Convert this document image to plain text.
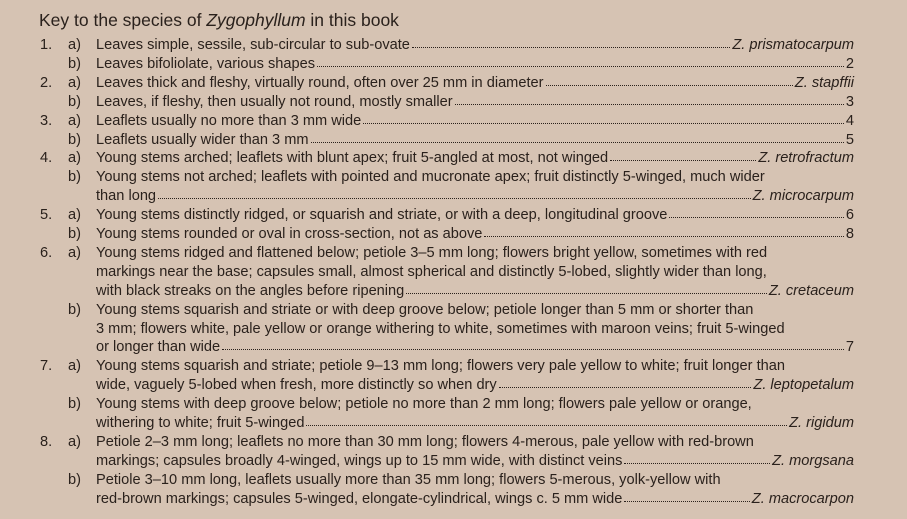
Key to the species of Zygophyllum in this book
1.	a)	Leaves simple, sessile, sub-circular to sub-ovate	Z. prismatocarpum
b)	Leaves bifoliolate, various shapes	2
2.	a)	Leaves thick and fleshy, virtually round, often over 25 mm in diameter	Z. stapffii
b)	Leaves, if fleshy, then usually not round, mostly smaller	3
3.	a)	Leaflets usually no more than 3 mm wide	4
b)	Leaflets usually wider than 3 mm	5
4.	a)	Young stems arched; leaflets with blunt apex; fruit 5-angled at most, not winged	Z. retrofractum
b)	Young stems not arched; leaflets with pointed and mucronate apex; fruit distinctly 5-winged, much wider
than long	Z. microcarpum
5.	a)	Young stems distinctly ridged, or squarish and striate, or with a deep, longitudinal groove	6
b)	Young stems rounded or oval in cross-section, not as above	8
6.	a)	Young stems ridged and flattened below; petiole 3–5 mm long; flowers bright yellow, sometimes with red
markings near the base; capsules small, almost spherical and distinctly 5-lobed, slightly wider than long,
with black streaks on the angles before ripening	Z. cretaceum
b)	Young stems squarish and striate or with deep groove below; petiole longer than 5 mm or shorter than
3 mm; flowers white, pale yellow or orange withering to white, sometimes with maroon veins; fruit 5-winged
or longer than wide	7
7.	a)	Young stems squarish and striate; petiole 9–13 mm long; flowers very pale yellow to white; fruit longer than
wide, vaguely 5-lobed when fresh, more distinctly so when dry	Z. leptopetalum
b)	Young stems with deep groove below; petiole no more than 2 mm long; flowers pale yellow or orange,
withering to white; fruit 5-winged	Z. rigidum
8.	a)	Petiole 2–3 mm long; leaflets no more than 30 mm long; flowers 4-merous, pale yellow with red-brown
markings; capsules broadly 4-winged, wings up to 15 mm wide, with distinct veins	Z. morgsana
b)	Petiole 3–10 mm long, leaflets usually more than 35 mm long; flowers 5-merous, yolk-yellow with
red-brown markings; capsules 5-winged, elongate-cylindrical, wings c. 5 mm wide	Z. macrocarpon
